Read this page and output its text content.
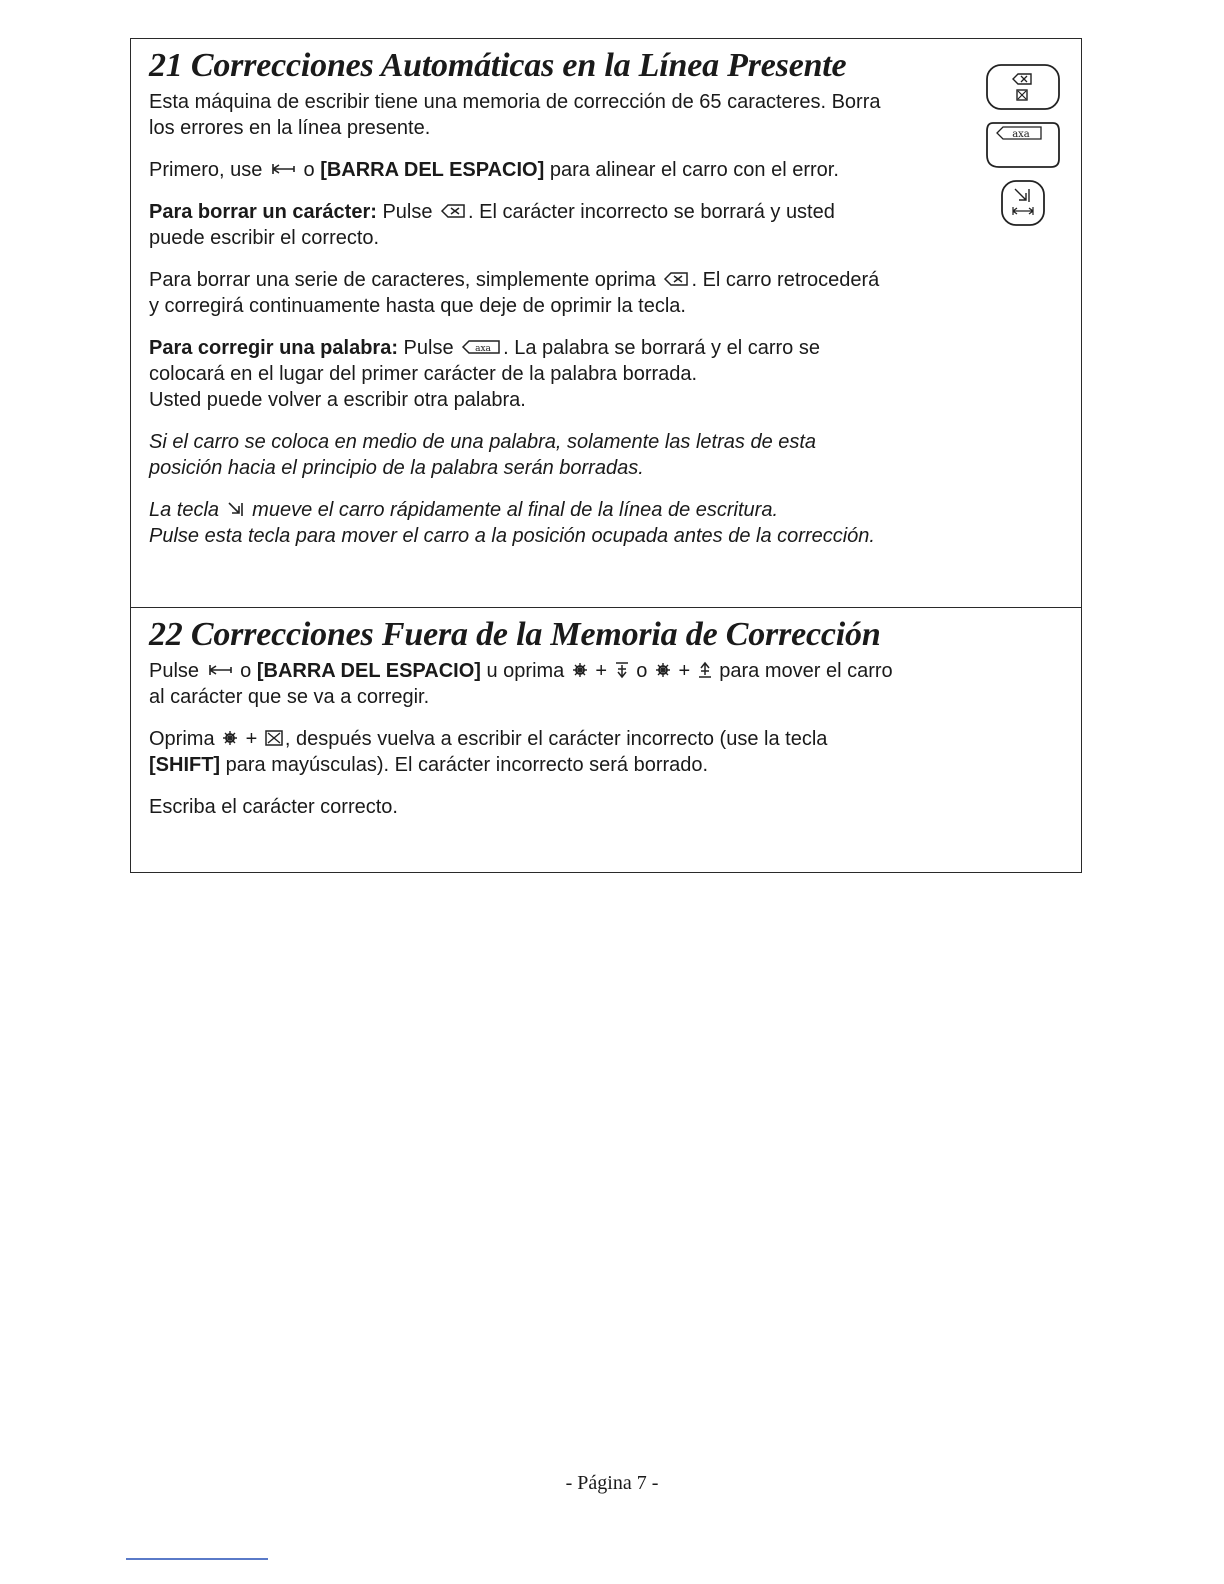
21 Correcciones Automáticas en la Línea Presente

Esta máquina de escribir tiene una memoria de corrección de 65 caracteres. Borra los errores en la línea presente.

Primero, use
o [BARRA DEL ESPACIO] para alinear el carro con el error.

Para borrar un carácter: Pulse
. El carácter incorrecto se borrará y usted puede escribir el correcto.

Para borrar una serie de caracteres, simplemente oprima
. El carro retrocederá y corregirá continuamente hasta que deje de oprimir la tecla.

Para corregir una palabra: Pulse axa . La palabra se borrará y el carro se colocará en el lugar del primer carácter de la palabra borrada.
Usted puede volver a escribir otra palabra.

Si el carro se coloca en medio de una palabra, solamente las letras de esta posición hacia el principio de la palabra serán borradas.

La tecla
mueve el carro rápidamente al final de la línea de escritura.
Pulse esta tecla para mover el carro a la posición ocupada antes de la corrección.

axa
22 Correcciones Fuera de la Memoria de Corrección

Pulse
o [BARRA DEL ESPACIO] u oprima
+
o
+
para mover el carro al carácter que se va a corregir.

Oprima
+
, después vuelva a escribir el carácter incorrecto (use la tecla [SHIFT] para mayúsculas). El carácter incorrecto será borrado.

Escriba el carácter correcto.

- Página 7 -
